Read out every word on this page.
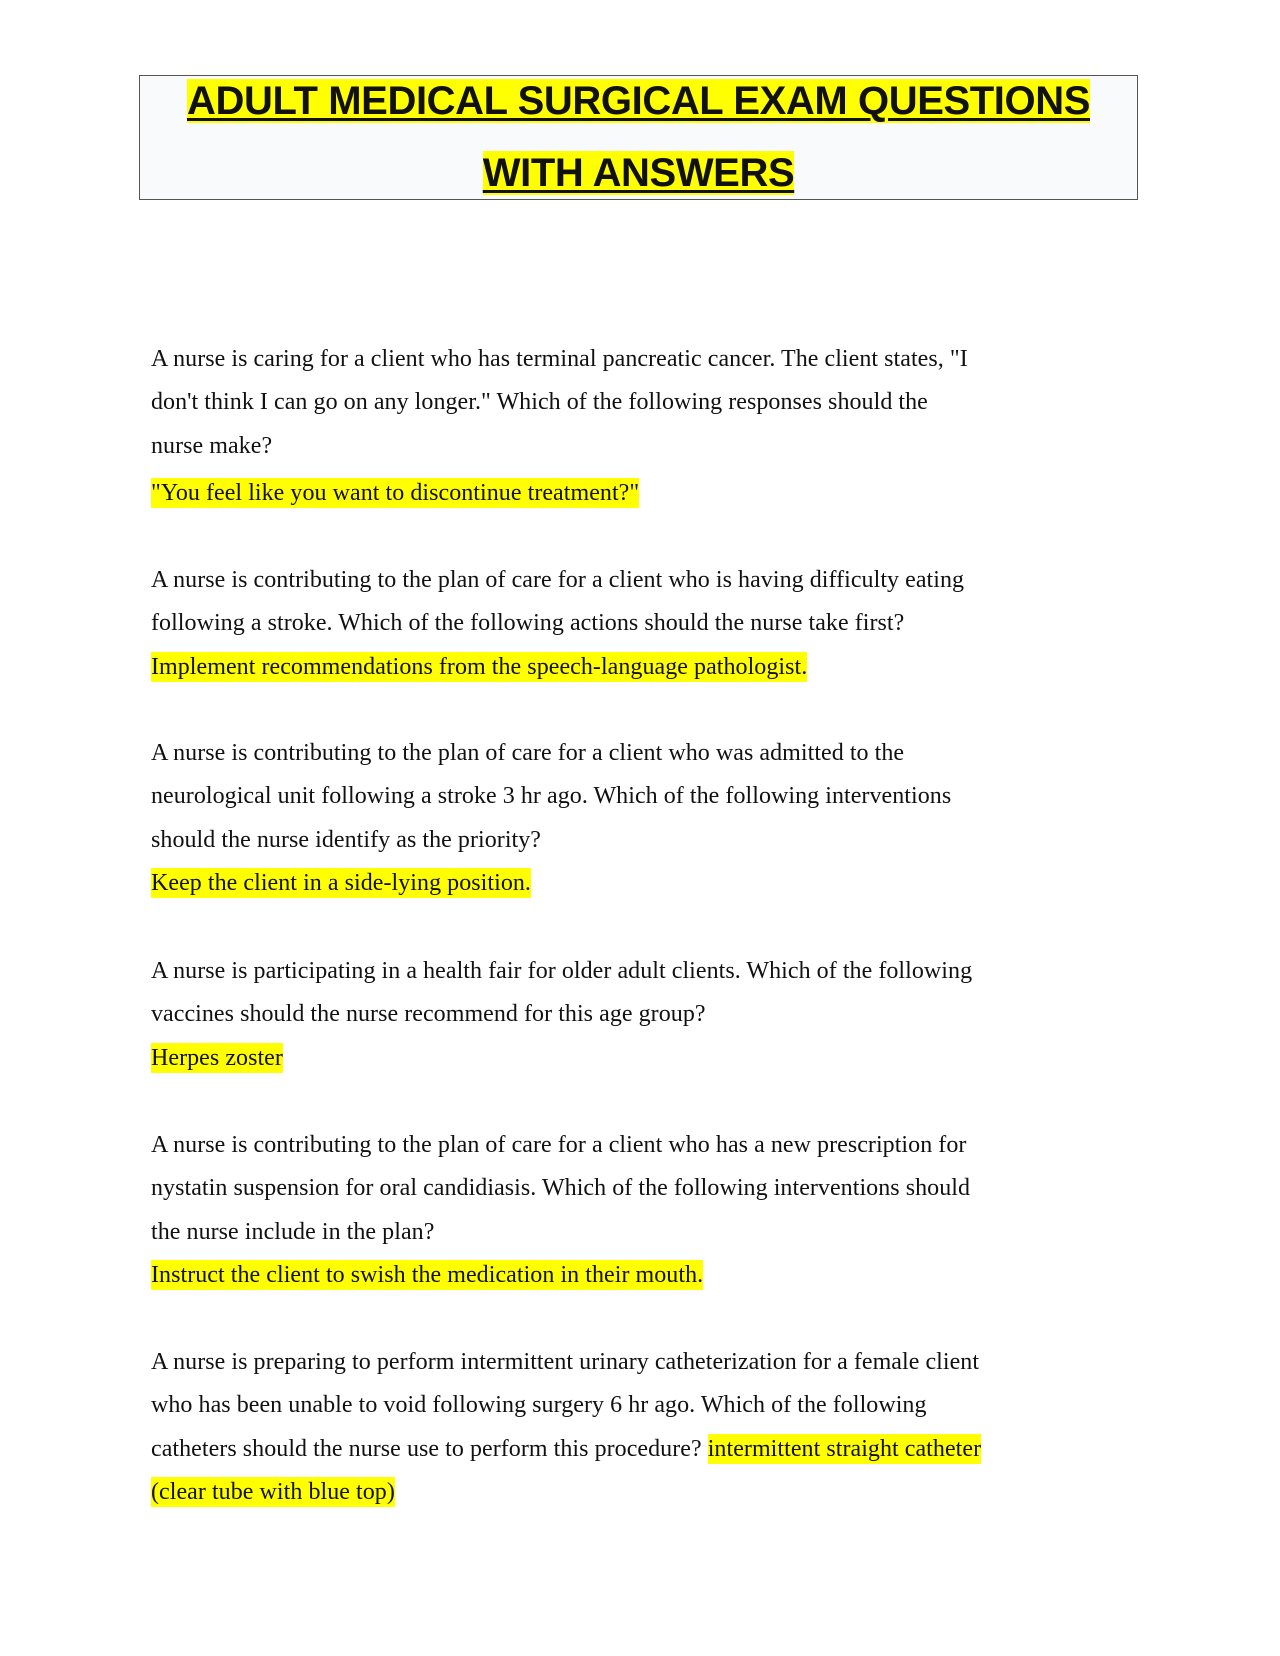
ADULT MEDICAL SURGICAL EXAM QUESTIONS
WITH ANSWERS
A nurse is caring for a client who has terminal pancreatic cancer. The client states, "I
don't think I can go on any longer." Which of the following responses should the
nurse make?
"You feel like you want to discontinue treatment?"
A nurse is contributing to the plan of care for a client who is having difficulty eating
following a stroke. Which of the following actions should the nurse take first?
Implement recommendations from the speech-language pathologist.
A nurse is contributing to the plan of care for a client who was admitted to the
neurological unit following a stroke 3 hr ago. Which of the following interventions
should the nurse identify as the priority?
Keep the client in a side-lying position.
A nurse is participating in a health fair for older adult clients. Which of the following
vaccines should the nurse recommend for this age group?
Herpes zoster
A nurse is contributing to the plan of care for a client who has a new prescription for
nystatin suspension for oral candidiasis. Which of the following interventions should
the nurse include in the plan?
Instruct the client to swish the medication in their mouth.
A nurse is preparing to perform intermittent urinary catheterization for a female client
who has been unable to void following surgery 6 hr ago. Which of the following
catheters should the nurse use to perform this procedure? intermittent straight catheter
(clear tube with blue top)
